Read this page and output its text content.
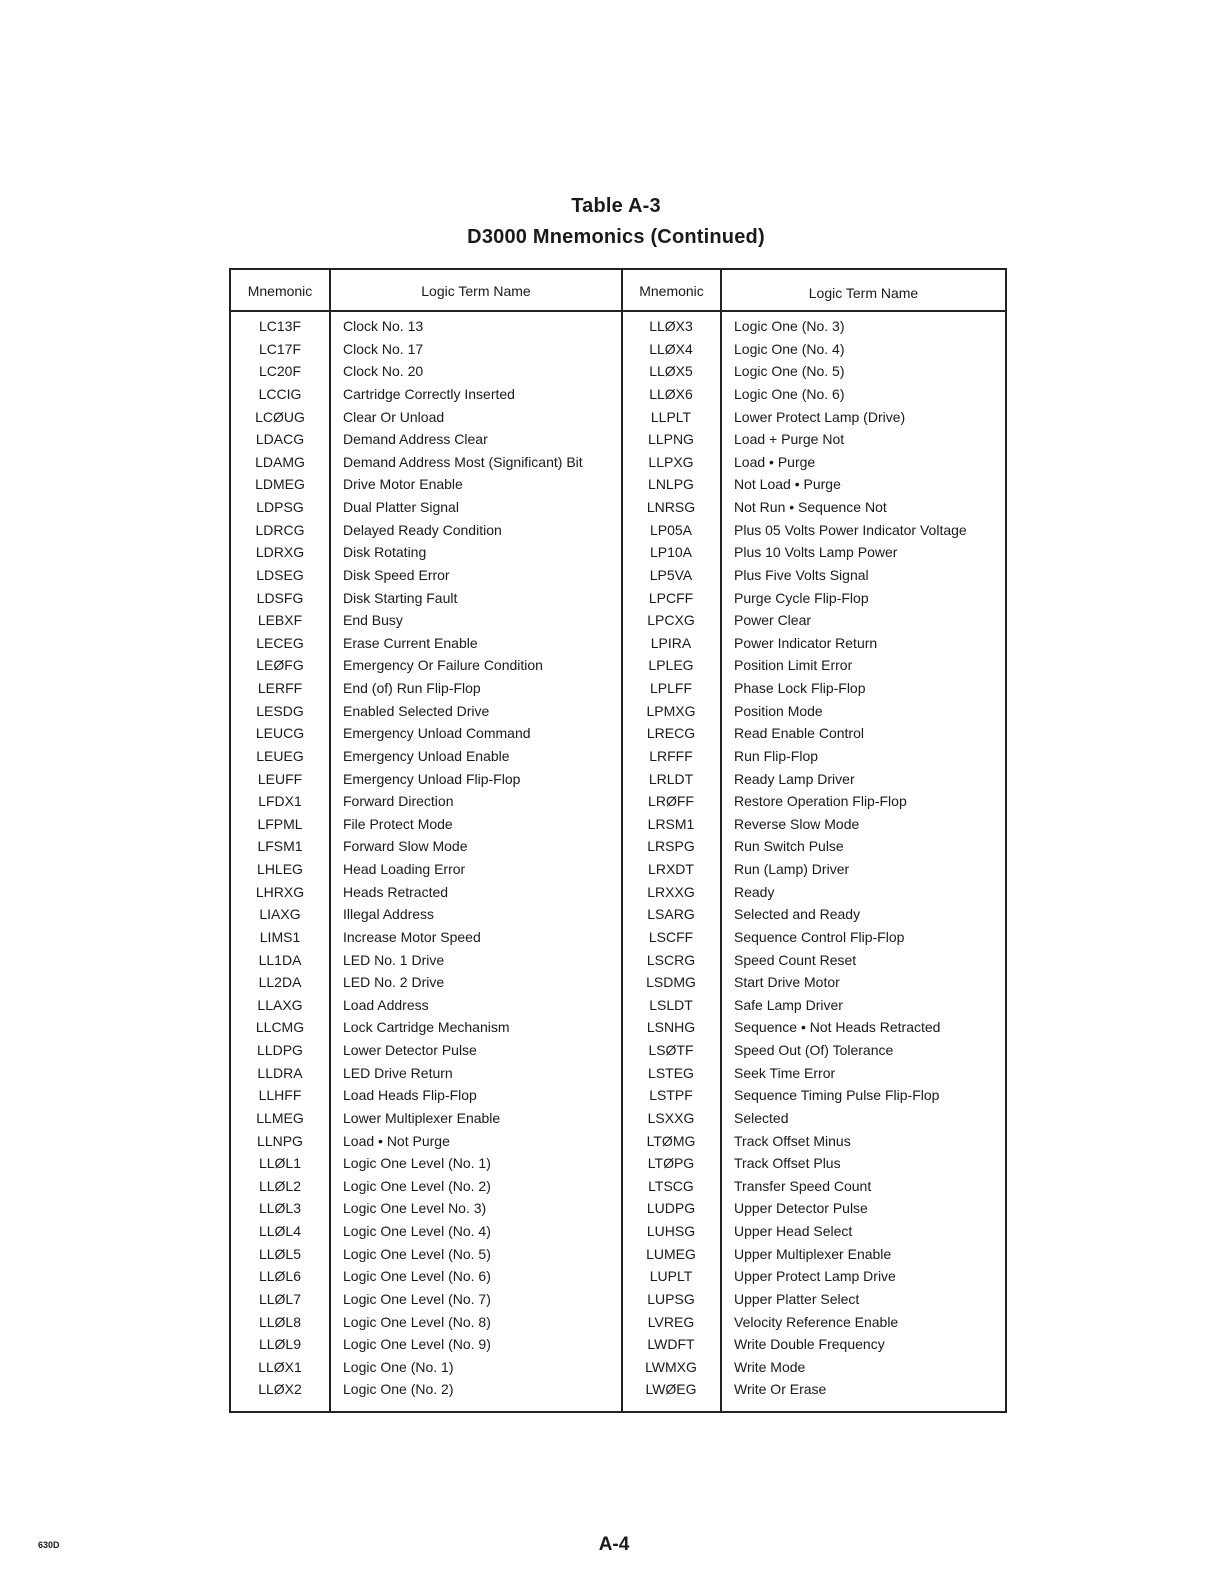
Table A-3
D3000 Mnemonics (Continued)
Mnemonic	Logic Term Name	Mnemonic	Logic Term Name
LC13F	Clock No. 13	LLØX3	Logic One (No. 3)
LC17F	Clock No. 17	LLØX4	Logic One (No. 4)
LC20F	Clock No. 20	LLØX5	Logic One (No. 5)
LCCIG	Cartridge Correctly Inserted	LLØX6	Logic One (No. 6)
LCØUG	Clear Or Unload	LLPLT	Lower Protect Lamp (Drive)
LDACG	Demand Address Clear	LLPNG	Load + Purge Not
LDAMG	Demand Address Most (Significant) Bit	LLPXG	Load • Purge
LDMEG	Drive Motor Enable	LNLPG	Not Load • Purge
LDPSG	Dual Platter Signal	LNRSG	Not Run • Sequence Not
LDRCG	Delayed Ready Condition	LP05A	Plus 05 Volts Power Indicator Voltage
LDRXG	Disk Rotating	LP10A	Plus 10 Volts Lamp Power
LDSEG	Disk Speed Error	LP5VA	Plus Five Volts Signal
LDSFG	Disk Starting Fault	LPCFF	Purge Cycle Flip-Flop
LEBXF	End Busy	LPCXG	Power Clear
LECEG	Erase Current Enable	LPIRA	Power Indicator Return
LEØFG	Emergency Or Failure Condition	LPLEG	Position Limit Error
LERFF	End (of) Run Flip-Flop	LPLFF	Phase Lock Flip-Flop
LESDG	Enabled Selected Drive	LPMXG	Position Mode
LEUCG	Emergency Unload Command	LRECG	Read Enable Control
LEUEG	Emergency Unload Enable	LRFFF	Run Flip-Flop
LEUFF	Emergency Unload Flip-Flop	LRLDT	Ready Lamp Driver
LFDX1	Forward Direction	LRØFF	Restore Operation Flip-Flop
LFPML	File Protect Mode	LRSM1	Reverse Slow Mode
LFSM1	Forward Slow Mode	LRSPG	Run Switch Pulse
LHLEG	Head Loading Error	LRXDT	Run (Lamp) Driver
LHRXG	Heads Retracted	LRXXG	Ready
LIAXG	Illegal Address	LSARG	Selected and Ready
LIMS1	Increase Motor Speed	LSCFF	Sequence Control Flip-Flop
LL1DA	LED No. 1 Drive	LSCRG	Speed Count Reset
LL2DA	LED No. 2 Drive	LSDMG	Start Drive Motor
LLAXG	Load Address	LSLDT	Safe Lamp Driver
LLCMG	Lock Cartridge Mechanism	LSNHG	Sequence • Not Heads Retracted
LLDPG	Lower Detector Pulse	LSØTF	Speed Out (Of) Tolerance
LLDRA	LED Drive Return	LSTEG	Seek Time Error
LLHFF	Load Heads Flip-Flop	LSTPF	Sequence Timing Pulse Flip-Flop
LLMEG	Lower Multiplexer Enable	LSXXG	Selected
LLNPG	Load • Not Purge	LTØMG	Track Offset Minus
LLØL1	Logic One Level (No. 1)	LTØPG	Track Offset Plus
LLØL2	Logic One Level (No. 2)	LTSCG	Transfer Speed Count
LLØL3	Logic One Level No. 3)	LUDPG	Upper Detector Pulse
LLØL4	Logic One Level (No. 4)	LUHSG	Upper Head Select
LLØL5	Logic One Level (No. 5)	LUMEG	Upper Multiplexer Enable
LLØL6	Logic One Level (No. 6)	LUPLT	Upper Protect Lamp Drive
LLØL7	Logic One Level (No. 7)	LUPSG	Upper Platter Select
LLØL8	Logic One Level (No. 8)	LVREG	Velocity Reference Enable
LLØL9	Logic One Level (No. 9)	LWDFT	Write Double Frequency
LLØX1	Logic One (No. 1)	LWMXG	Write Mode
LLØX2	Logic One (No. 2)	LWØEG	Write Or Erase
630D	A-4
